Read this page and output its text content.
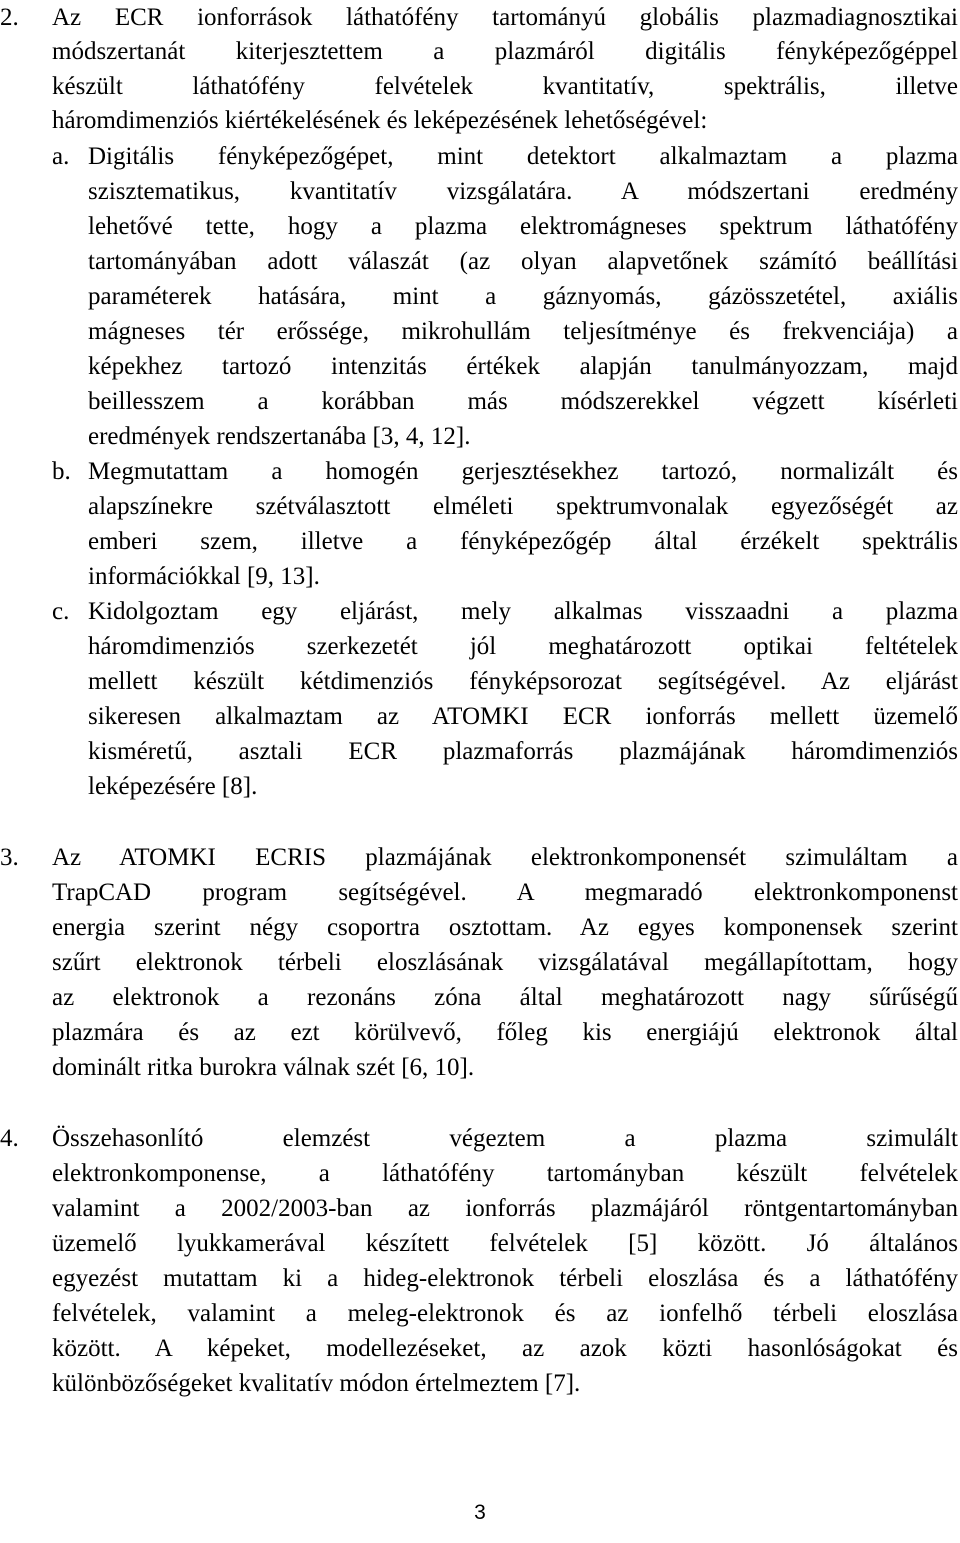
2. Az ECR ionforrások láthatófény tartományú globális plazmadiagnosztikai
módszertanát kiterjesztettem a plazmáról digitális fényképezőgéppel
készült láthatófény felvételek kvantitatív, spektrális, illetve
háromdimenziós kiértékelésének és leképezésének lehetőségével:
a. Digitális fényképezőgépet, mint detektort alkalmaztam a plazma
szisztematikus, kvantitatív vizsgálatára. A módszertani eredmény
lehetővé tette, hogy a plazma elektromágneses spektrum láthatófény
tartományában adott válaszát (az olyan alapvetőnek számító beállítási
paraméterek hatására, mint a gáznyomás, gázösszetétel, axiális
mágneses tér erőssége, mikrohullám teljesítménye és frekvenciája) a
képekhez tartozó intenzitás értékek alapján tanulmányozzam, majd
beillesszem a korábban más módszerekkel végzett kísérleti
eredmények rendszertanába [3, 4, 12].
b. Megmutattam a homogén gerjesztésekhez tartozó, normalizált és
alapszínekre szétválasztott elméleti spektrumvonalak egyezőségét az
emberi szem, illetve a fényképezőgép által érzékelt spektrális
információkkal [9, 13].
c. Kidolgoztam egy eljárást, mely alkalmas visszaadni a plazma
háromdimenziós szerkezetét jól meghatározott optikai feltételek
mellett készült kétdimenziós fényképsorozat segítségével. Az eljárást
sikeresen alkalmaztam az ATOMKI ECR ionforrás mellett üzemelő
kisméretű, asztali ECR plazmaforrás plazmájának háromdimenziós
leképezésére [8].
3. Az ATOMKI ECRIS plazmájának elektronkomponensét szimuláltam a
TrapCAD program segítségével. A megmaradó elektronkomponenst
energia szerint négy csoportra osztottam. Az egyes komponensek szerint
szűrt elektronok térbeli eloszlásának vizsgálatával megállapítottam, hogy
az elektronok a rezonáns zóna által meghatározott nagy sűrűségű
plazmára és az ezt körülvevő, főleg kis energiájú elektronok által
dominált ritka burokra válnak szét [6, 10].
4. Összehasonlító elemzést végeztem a plazma szimulált
elektronkomponense, a láthatófény tartományban készült felvételek
valamint a 2002/2003-ban az ionforrás plazmájáról röntgentartományban
üzemelő lyukkamerával készített felvételek [5] között. Jó általános
egyezést mutattam ki a hideg-elektronok térbeli eloszlása és a láthatófény
felvételek, valamint a meleg-elektronok és az ionfelhő térbeli eloszlása
között. A képeket, modellezéseket, az azok közti hasonlóságokat és
különbözőségeket kvalitatív módon értelmeztem [7].
3
